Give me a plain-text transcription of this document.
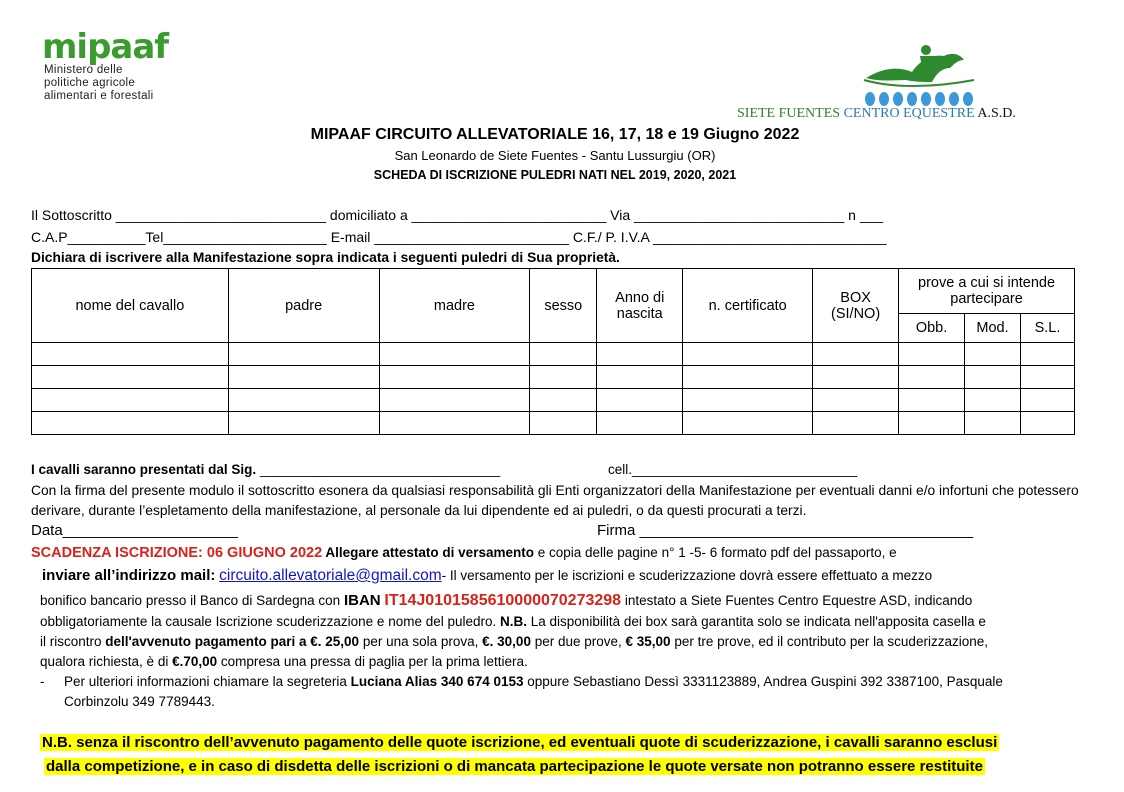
mipaaf
Ministero delle
politiche agricole
alimentari e forestali
SIETE FUENTES CENTRO EQUESTRE A.S.D.
MIPAAF CIRCUITO ALLEVATORIALE 16, 17, 18 e 19 Giugno 2022
San Leonardo de Siete Fuentes - Santu Lussurgiu (OR)
SCHEDA DI ISCRIZIONE PULEDRI NATI NEL 2019, 2020, 2021
Il Sottoscritto ___________________________ domiciliato a _________________________ Via ___________________________ n ___
C.A.P__________Tel_____________________ E-mail _________________________ C.F./ P. I.V.A ______________________________
Dichiara di iscrivere alla Manifestazione sopra indicata i seguenti puledri di Sua proprietà.
nome del cavallo	padre	madre	sesso	Anno di nascita	n. certificato	BOX (SI/NO)	prove a cui si intende partecipare		
							Obb.	Mod.	S.L.

I cavalli saranno presentati dal Sig. ________________________________	cell.______________________________
Con la firma del presente modulo il sottoscritto esonera da qualsiasi responsabilità gli Enti organizzatori della Manifestazione per eventuali danni e/o infortuni che potessero derivare, durante l’espletamento della manifestazione, al personale da lui dipendente ed ai puledri, o da questi procurati a terzi.
Data_____________________	Firma ________________________________________
SCADENZA ISCRIZIONE: 06 GIUGNO 2022 Allegare attestato di versamento e copia delle pagine n° 1 -5- 6 formato pdf del passaporto, e
inviare all’indirizzo mail: circuito.allevatoriale@gmail.com- Il versamento per le iscrizioni e scuderizzazione dovrà essere effettuato a mezzo
bonifico bancario presso il Banco di Sardegna con IBAN IT14J0101585610000070273298 intestato a Siete Fuentes Centro Equestre ASD, indicando
obbligatoriamente la causale Iscrizione scuderizzazione e nome del puledro. N.B. La disponibilità dei box sarà garantita solo se indicata nell'apposita casella e
il riscontro dell'avvenuto pagamento pari a €. 25,00 per una sola prova, €. 30,00 per due prove, € 35,00 per tre prove, ed il contributo per la scuderizzazione,
qualora richiesta, è di €.70,00 compresa una pressa di paglia per la prima lettiera.
- Per ulteriori informazioni chiamare la segreteria Luciana Alias 340 674 0153 oppure Sebastiano Dessì 3331123889, Andrea Guspini 392 3387100, Pasquale
Corbinzolu 349 7789443.
N.B. senza il riscontro dell’avvenuto pagamento delle quote iscrizione, ed eventuali quote di scuderizzazione, i cavalli saranno esclusi
dalla competizione, e in caso di disdetta delle iscrizioni o di mancata partecipazione le quote versate non potranno essere restituite
